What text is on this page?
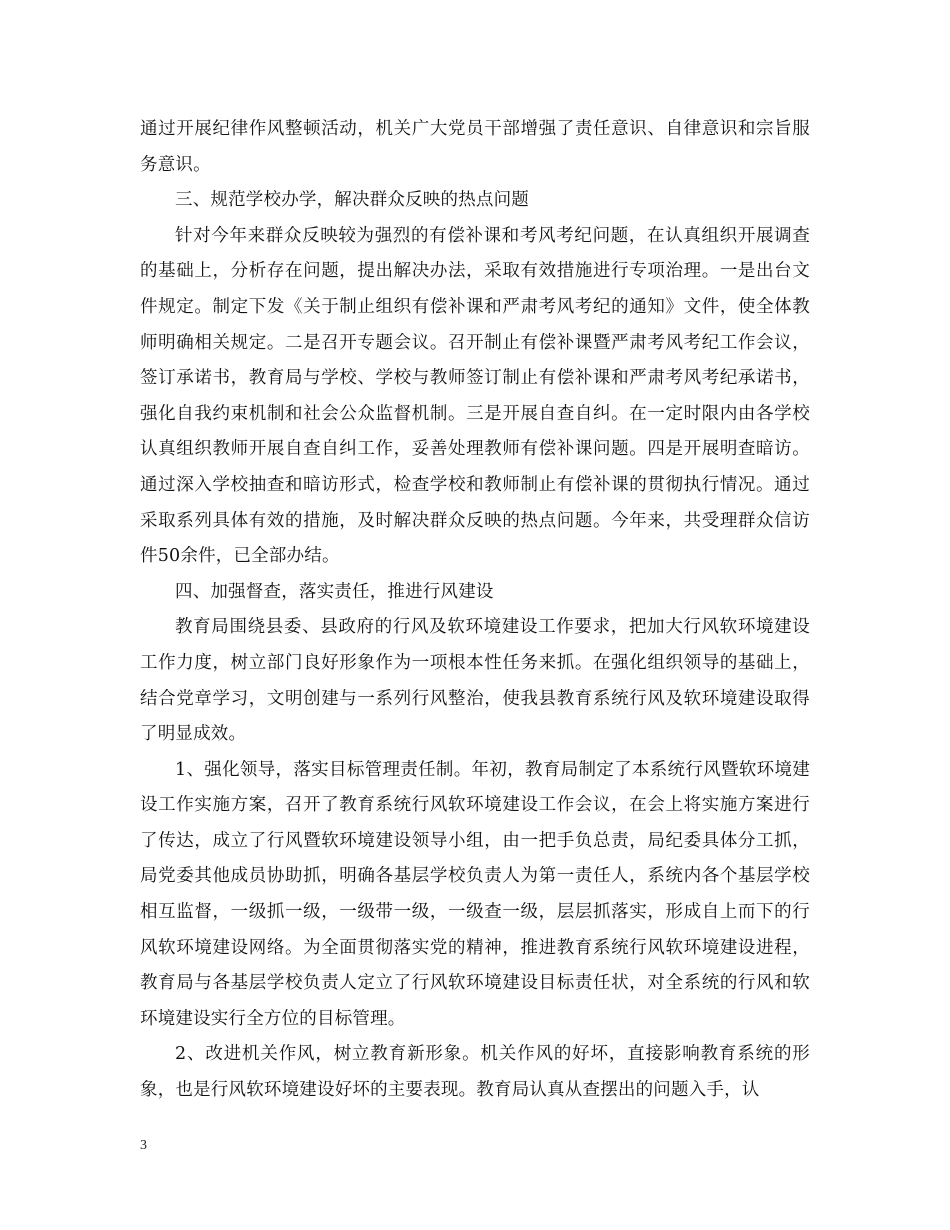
通过开展纪律作风整顿活动，机关广大党员干部增强了责任意识、自律意识和宗旨服务意识。

三、规范学校办学，解决群众反映的热点问题

针对今年来群众反映较为强烈的有偿补课和考风考纪问题，在认真组织开展调查的基础上，分析存在问题，提出解决办法，采取有效措施进行专项治理。一是出台文件规定。制定下发《关于制止组织有偿补课和严肃考风考纪的通知》文件，使全体教师明确相关规定。二是召开专题会议。召开制止有偿补课暨严肃考风考纪工作会议，签订承诺书，教育局与学校、学校与教师签订制止有偿补课和严肃考风考纪承诺书，强化自我约束机制和社会公众监督机制。三是开展自查自纠。在一定时限内由各学校认真组织教师开展自查自纠工作，妥善处理教师有偿补课问题。四是开展明查暗访。通过深入学校抽查和暗访形式，检查学校和教师制止有偿补课的贯彻执行情况。通过采取系列具体有效的措施，及时解决群众反映的热点问题。今年来，共受理群众信访件50余件，已全部办结。

四、加强督查，落实责任，推进行风建设

教育局围绕县委、县政府的行风及软环境建设工作要求，把加大行风软环境建设工作力度，树立部门良好形象作为一项根本性任务来抓。在强化组织领导的基础上，结合党章学习，文明创建与一系列行风整治，使我县教育系统行风及软环境建设取得了明显成效。

1、强化领导，落实目标管理责任制。年初，教育局制定了本系统行风暨软环境建设工作实施方案，召开了教育系统行风软环境建设工作会议，在会上将实施方案进行了传达，成立了行风暨软环境建设领导小组，由一把手负总责，局纪委具体分工抓，局党委其他成员协助抓，明确各基层学校负责人为第一责任人，系统内各个基层学校相互监督，一级抓一级，一级带一级，一级查一级，层层抓落实，形成自上而下的行风软环境建设网络。为全面贯彻落实党的精神，推进教育系统行风软环境建设进程，教育局与各基层学校负责人定立了行风软环境建设目标责任状，对全系统的行风和软环境建设实行全方位的目标管理。

2、改进机关作风，树立教育新形象。机关作风的好坏，直接影响教育系统的形象，也是行风软环境建设好坏的主要表现。教育局认真从查摆出的问题入手，认

3
